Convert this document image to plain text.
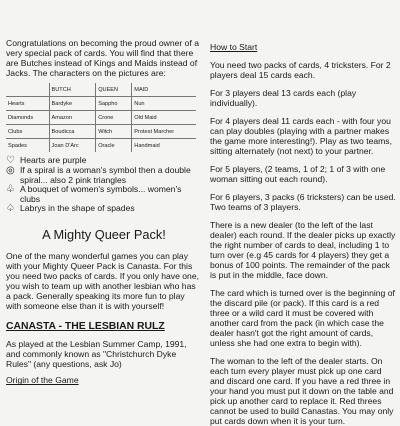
Congratulations on becoming the proud owner of a very special pack of cards. You will find that there are Butches instead of Kings and Maids instead of Jacks. The characters on the pictures are:

	BUTCH	QUEEN	MAID
Hearts	Bardyke	Sappho	Nun
Diamonds	Amazon	Crone	Old Maid
Clubs	Boudicca	Witch	Protest Marcher
Spades	Joan D'Arc	Oracle	Handmaid
♡ Hearts are purple
◎ If a spiral is a woman's symbol then a double spiral... also 2 pink triangles
♧ A bouquet of women's symbols... women's clubs
♤ Labrys in the shape of spades
A Mighty Queer Pack!

One of the many wonderful games you can play with your Mighty Queer Pack is Canasta. For this you need two packs of cards. If you only have one, you wish to team up with another lesbian who has a pack. Generally speaking its more fun to play with someone else than it is with yourself!

CANASTA - THE LESBIAN RULZ

As played at the Lesbian Summer Camp, 1991, and commonly known as "Christchurch Dyke Rules" (any questions, ask Jo)

Origin of the Game
How to Start

You need two packs of cards, 4 tricksters. For 2 players deal 15 cards each.

For 3 players deal 13 cards each (play individually).

For 4 players deal 11 cards each - with four you can play doubles (playing with a partner makes the game more interesting!). Play as two teams, sitting alternately (not next) to your partner.

For 5 players, (2 teams, 1 of 2; 1 of 3 with one woman sitting out each round).

For 6 players, 3 packs (6 tricksters) can be used. Two teams of 3 players.

There is a new dealer (to the left of the last dealer) each round. If the dealer picks up exactly the right number of cards to deal, including 1 to turn over (e.g 45 cards for 4 players) they get a bonus of 100 points. The remainder of the pack is put in the middle, face down.

The card which is turned over is the beginning of the discard pile (or pack). If this card is a red three or a wild card it must be covered with another card from the pack (in which case the dealer hasn't got the right amount of cards, unless she had one extra to begin with).

The woman to the left of the dealer starts. On each turn every player must pick up one card and discard one card. If you have a red three in your hand you must put it down on the table and pick up another card to replace it. Red threes cannot be used to build Canastas. You may only put cards down when it is your turn.
